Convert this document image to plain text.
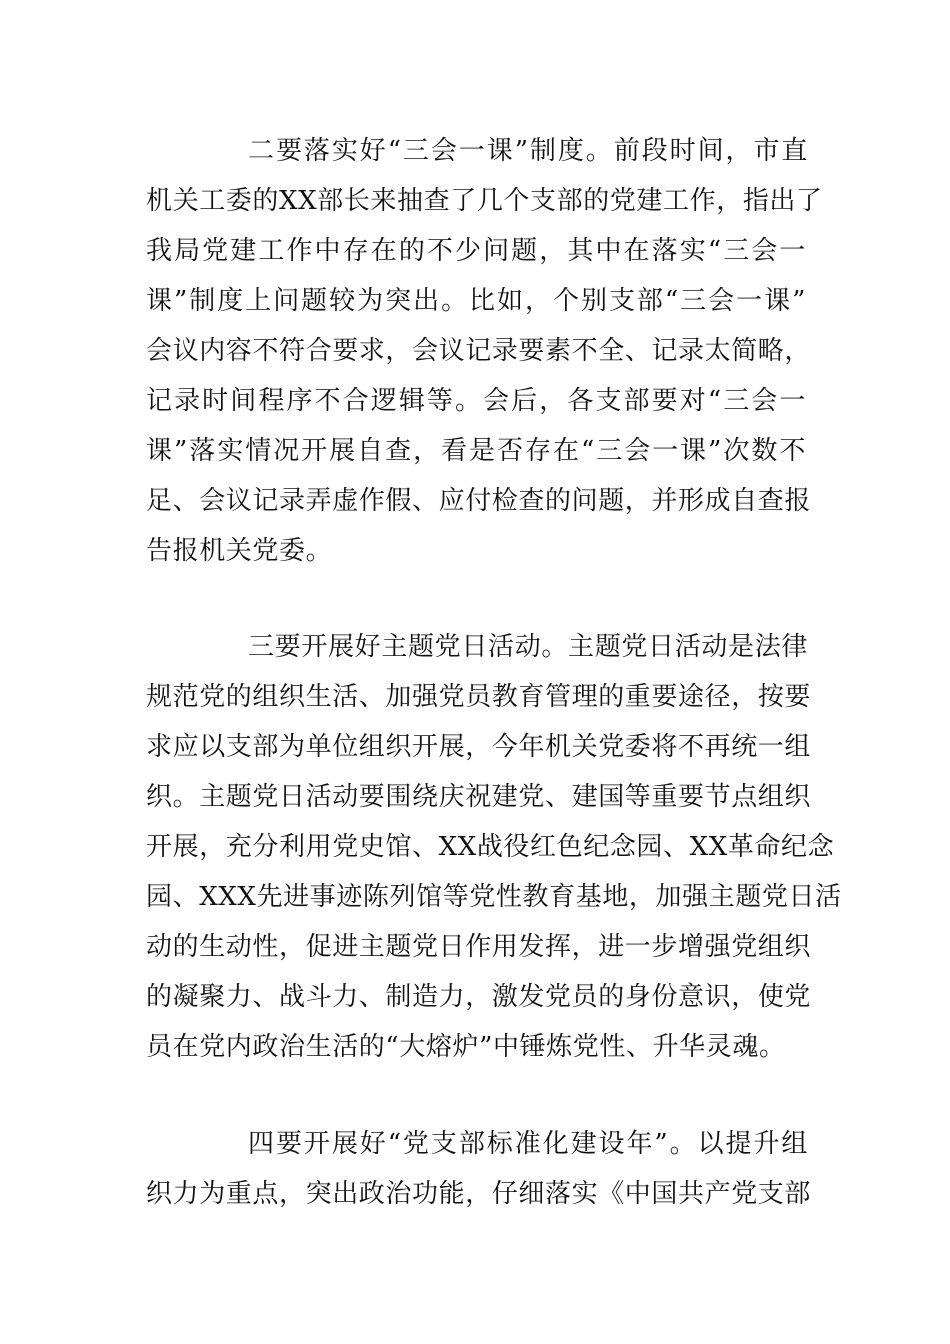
二要落实好“三会一课”制度。前段时间，市直
机关工委的XX部长来抽查了几个支部的党建工作，指出了
我局党建工作中存在的不少问题，其中在落实“三会一
课”制度上问题较为突出。比如，个别支部“三会一课”
会议内容不符合要求，会议记录要素不全、记录太简略，
记录时间程序不合逻辑等。会后，各支部要对“三会一
课”落实情况开展自查，看是否存在“三会一课”次数不
足、会议记录弄虚作假、应付检查的问题，并形成自查报
告报机关党委。
三要开展好主题党日活动。主题党日活动是法律
规范党的组织生活、加强党员教育管理的重要途径，按要
求应以支部为单位组织开展，今年机关党委将不再统一组
织。主题党日活动要围绕庆祝建党、建国等重要节点组织
开展，充分利用党史馆、XX战役红色纪念园、XX革命纪念
园、XXX先进事迹陈列馆等党性教育基地，加强主题党日活
动的生动性，促进主题党日作用发挥，进一步增强党组织
的凝聚力、战斗力、制造力，激发党员的身份意识，使党
员在党内政治生活的“大熔炉”中锤炼党性、升华灵魂。
四要开展好“党支部标准化建设年”。以提升组
织力为重点，突出政治功能，仔细落实《中国共产党支部
